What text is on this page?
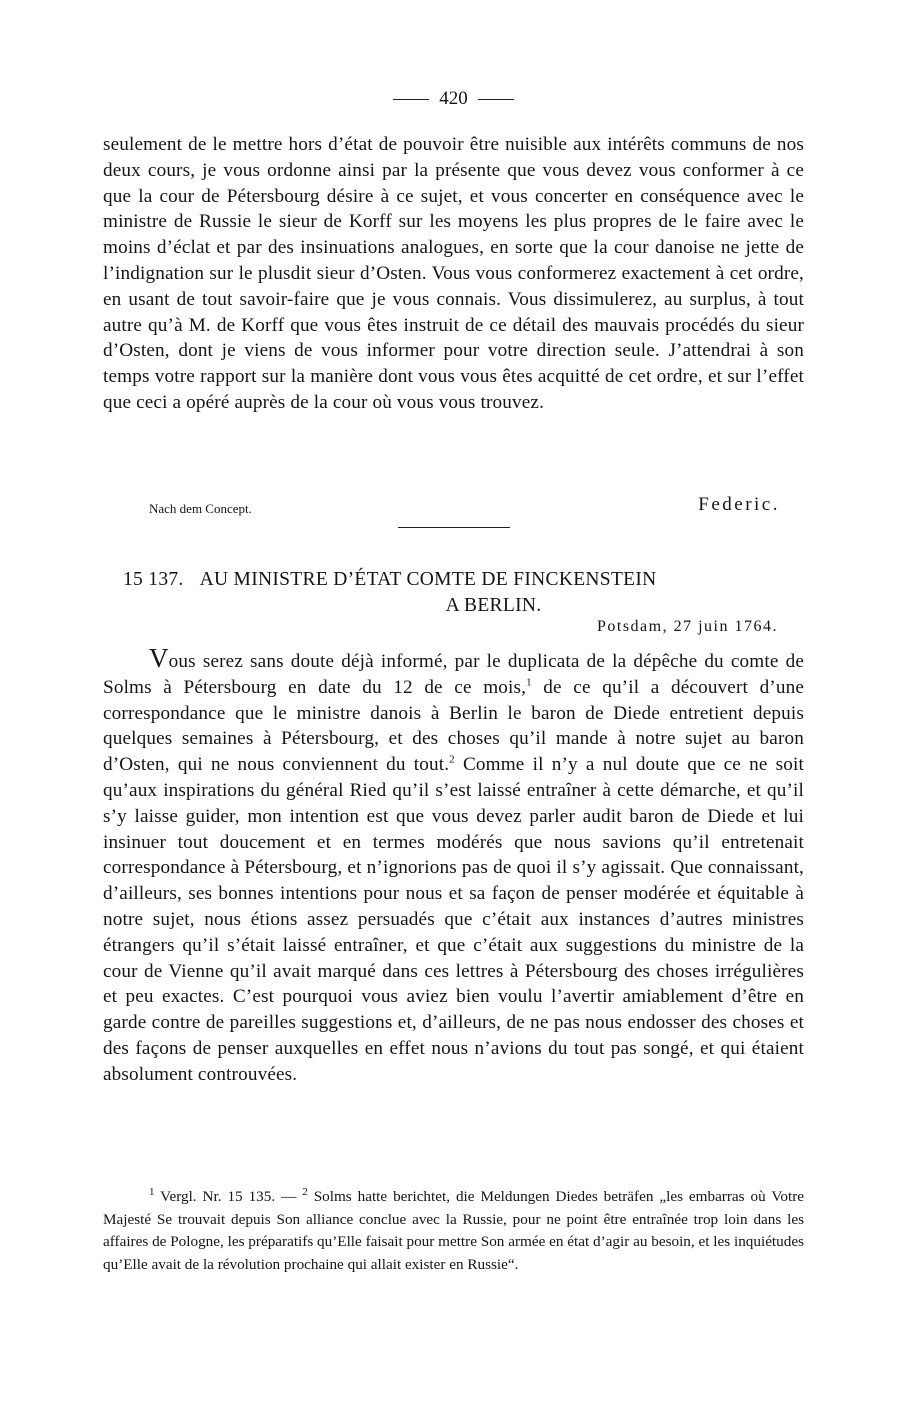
420

seulement de le mettre hors d’état de pouvoir être nuisible aux intérêts communs de nos deux cours, je vous ordonne ainsi par la présente que vous devez vous conformer à ce que la cour de Pétersbourg désire à ce sujet, et vous concerter en conséquence avec le ministre de Russie le sieur de Korff sur les moyens les plus propres de le faire avec le moins d’éclat et par des insinuations analogues, en sorte que la cour danoise ne jette de l’indignation sur le plusdit sieur d’Osten. Vous vous conformerez exactement à cet ordre, en usant de tout savoir-faire que je vous connais. Vous dissimulerez, au surplus, à tout autre qu’à M. de Korff que vous êtes instruit de ce détail des mauvais procédés du sieur d’Osten, dont je viens de vous informer pour votre direction seule. J’attendrai à son temps votre rapport sur la manière dont vous vous êtes acquitté de cet ordre, et sur l’effet que ceci a opéré auprès de la cour où vous vous trouvez.

Nach dem Concept.	Federic.
15 137. AU MINISTRE D’ÉTAT COMTE DE FINCKENSTEIN
A BERLIN.
Potsdam, 27 juin 1764.

Vous serez sans doute déjà informé, par le duplicata de la dépêche du comte de Solms à Pétersbourg en date du 12 de ce mois,$^1$ de ce qu’il a découvert d’une correspondance que le ministre danois à Berlin le baron de Diede entretient depuis quelques semaines à Pétersbourg, et des choses qu’il mande à notre sujet au baron d’Osten, qui ne nous conviennent du tout.$^2$ Comme il n’y a nul doute que ce ne soit qu’aux inspirations du général Ried qu’il s’est laissé entraîner à cette démarche, et qu’il s’y laisse guider, mon intention est que vous devez parler audit baron de Diede et lui insinuer tout doucement et en termes modérés que nous savions qu’il entretenait correspondance à Pétersbourg, et n’ignorions pas de quoi il s’y agissait. Que connaissant, d’ailleurs, ses bonnes intentions pour nous et sa façon de penser modérée et équitable à notre sujet, nous étions assez persuadés que c’était aux instances d’autres ministres étrangers qu’il s’était laissé entraîner, et que c’était aux suggestions du ministre de la cour de Vienne qu’il avait marqué dans ces lettres à Pétersbourg des choses irrégulières et peu exactes. C’est pourquoi vous aviez bien voulu l’avertir amiablement d’être en garde contre de pareilles suggestions et, d’ailleurs, de ne pas nous endosser des choses et des façons de penser auxquelles en effet nous n’avions du tout pas songé, et qui étaient absolument controuvées.

$^1$ Vergl. Nr. 15 135. — $^2$ Solms hatte berichtet, die Meldungen Diedes beträfen „les embarras où Votre Majesté Se trouvait depuis Son alliance conclue avec la Russie, pour ne point être entraînée trop loin dans les affaires de Pologne, les préparatifs qu’Elle faisait pour mettre Son armée en état d’agir au besoin, et les inquiétudes qu’Elle avait de la révolution prochaine qui allait exister en Russie“.
